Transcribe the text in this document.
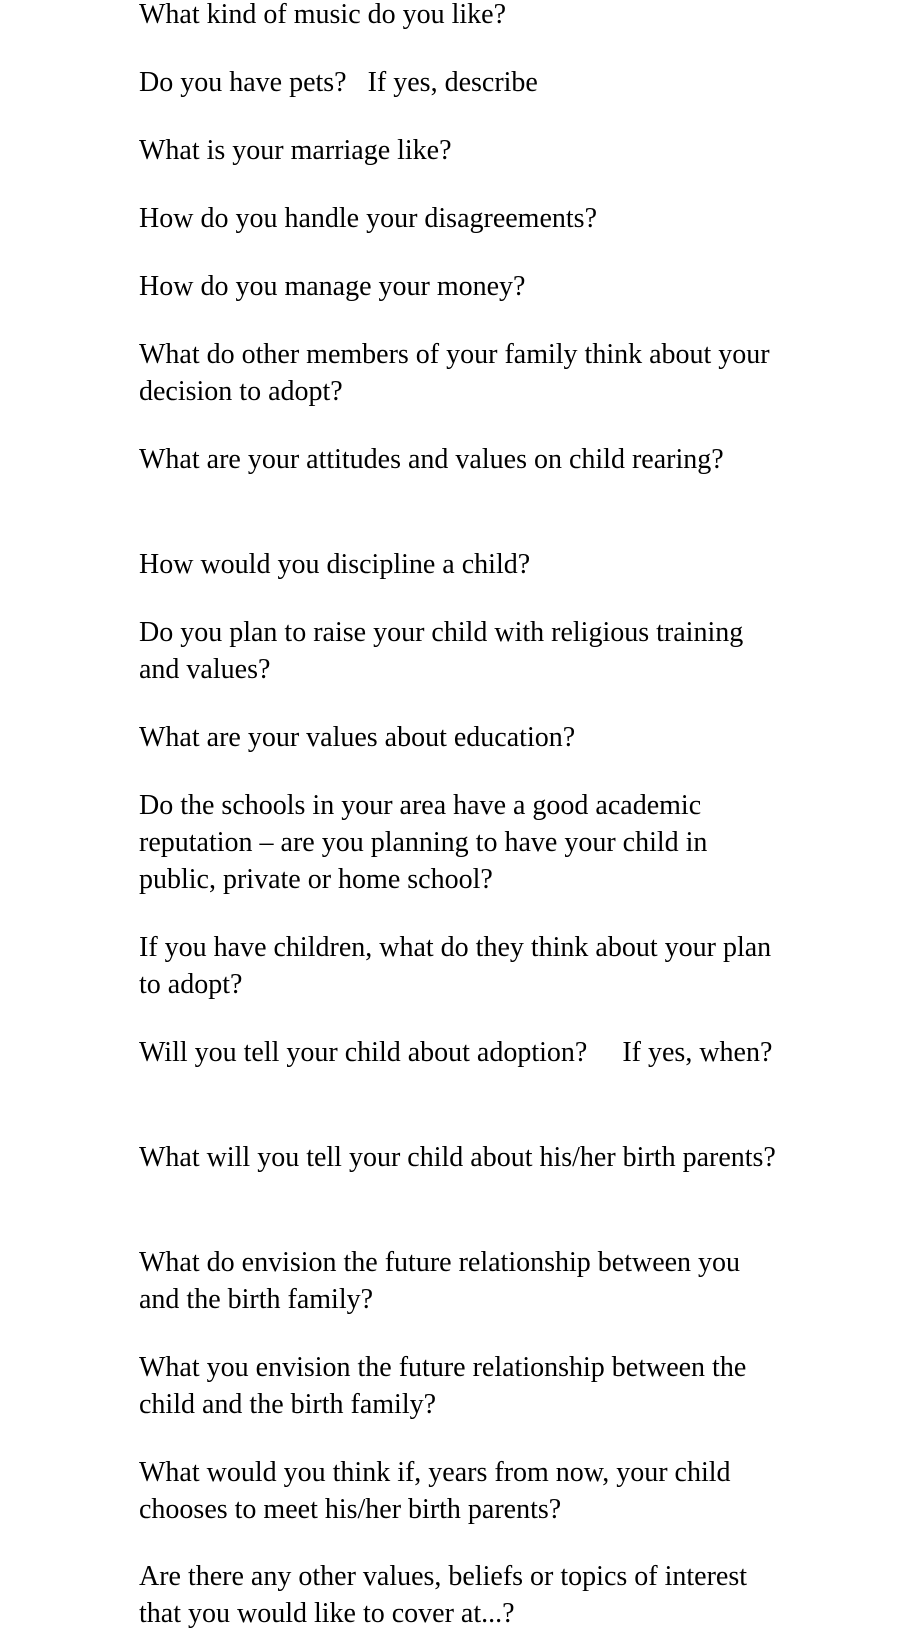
What kind of music do you like?

Do you have pets?   If yes, describe

What is your marriage like?

How do you handle your disagreements?

How do you manage your money?

What do other members of your family think about your decision to adopt?

What are your attitudes and values on child rearing?

How would you discipline a child?

Do you plan to raise your child with religious training and values?

What are your values about education?

Do the schools in your area have a good academic reputation – are you planning to have your child in public, private or home school?

If you have children, what do they think about your plan to adopt?

Will you tell your child about adoption?     If yes, when?

What will you tell your child about his/her birth parents?

What do envision the future relationship between you and the birth family?

What you envision the future relationship between the child and the birth family?

What would you think if, years from now, your child chooses to meet his/her birth parents?

Are there any other values, beliefs or topics of interest that you would like to cover at...?
